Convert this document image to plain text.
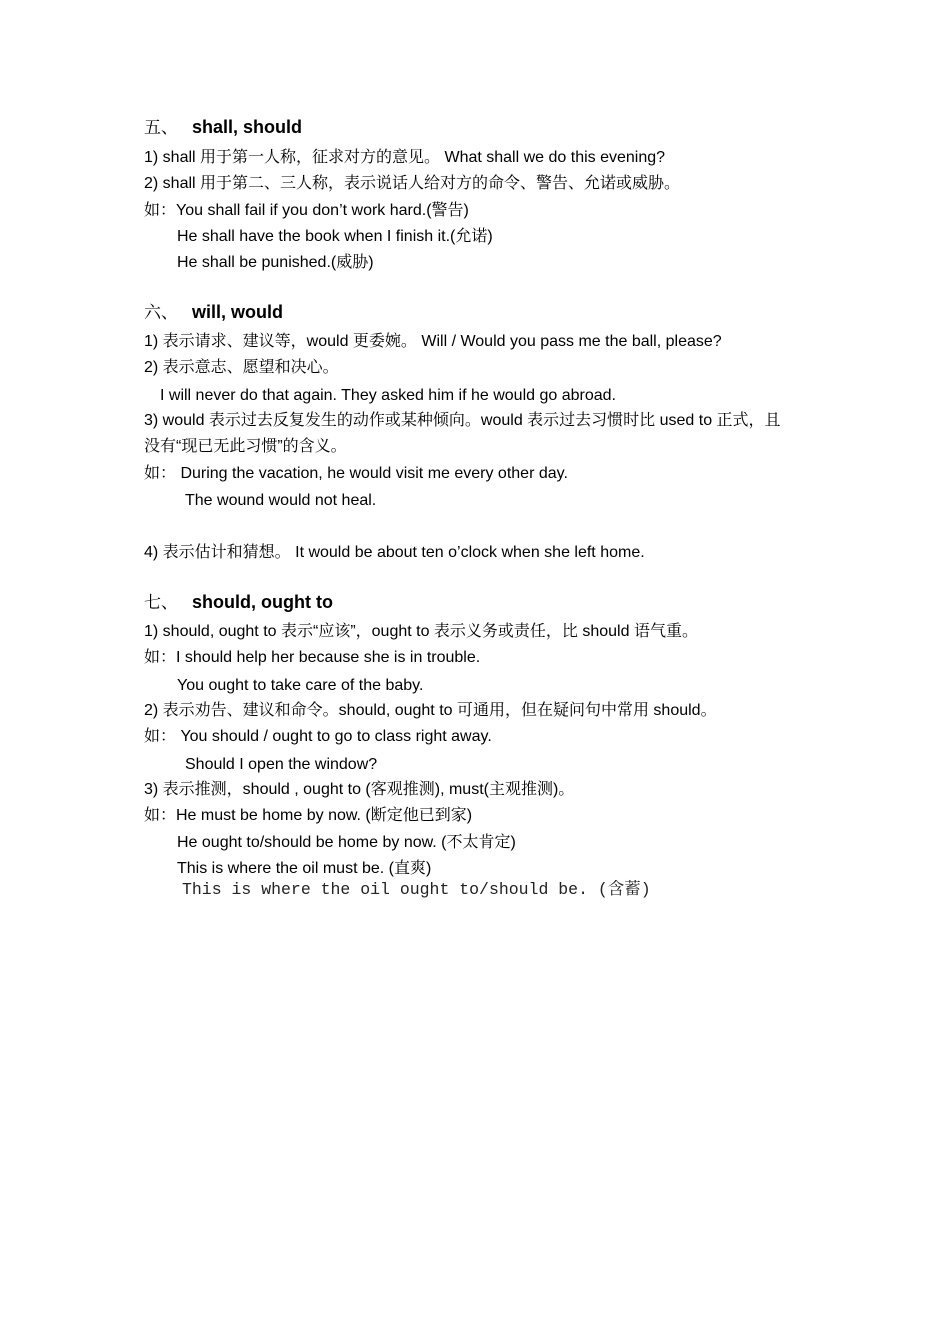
五、 shall, should
1) shall 用于第一人称，征求对方的意见。 What shall we do this evening?
2) shall 用于第二、三人称，表示说话人给对方的命令、警告、允诺或威胁。
如：You shall fail if you don’t work hard.(警告)
He shall have the book when I finish it.(允诺)
He shall be punished.(威胁)
六、 will, would
1) 表示请求、建议等，would 更委婉。 Will / Would you pass me the ball, please?
2) 表示意志、愿望和决心。
I will never do that again. They asked him if he would go abroad.
3) would 表示过去反复发生的动作或某种倾向。would 表示过去习惯时比 used to 正式，且
没有“现已无此习惯”的含义。
如： During the vacation, he would visit me every other day.
The wound would not heal.
4) 表示估计和猜想。 It would be about ten o’clock when she left home.
七、 should, ought to
1) should, ought to 表示“应该”，ought to 表示义务或责任，比 should 语气重。
如：I should help her because she is in trouble.
You ought to take care of the baby.
2) 表示劝告、建议和命令。should, ought to 可通用，但在疑问句中常用 should。
如： You should / ought to go to class right away.
Should I open the window?
3) 表示推测，should , ought to (客观推测), must(主观推测)。
如：He must be home by now. (断定他已到家)
He ought to/should be home by now. (不太肯定)
This is where the oil must be. (直爽)
This is where the oil ought to/should be. (含蓄)
